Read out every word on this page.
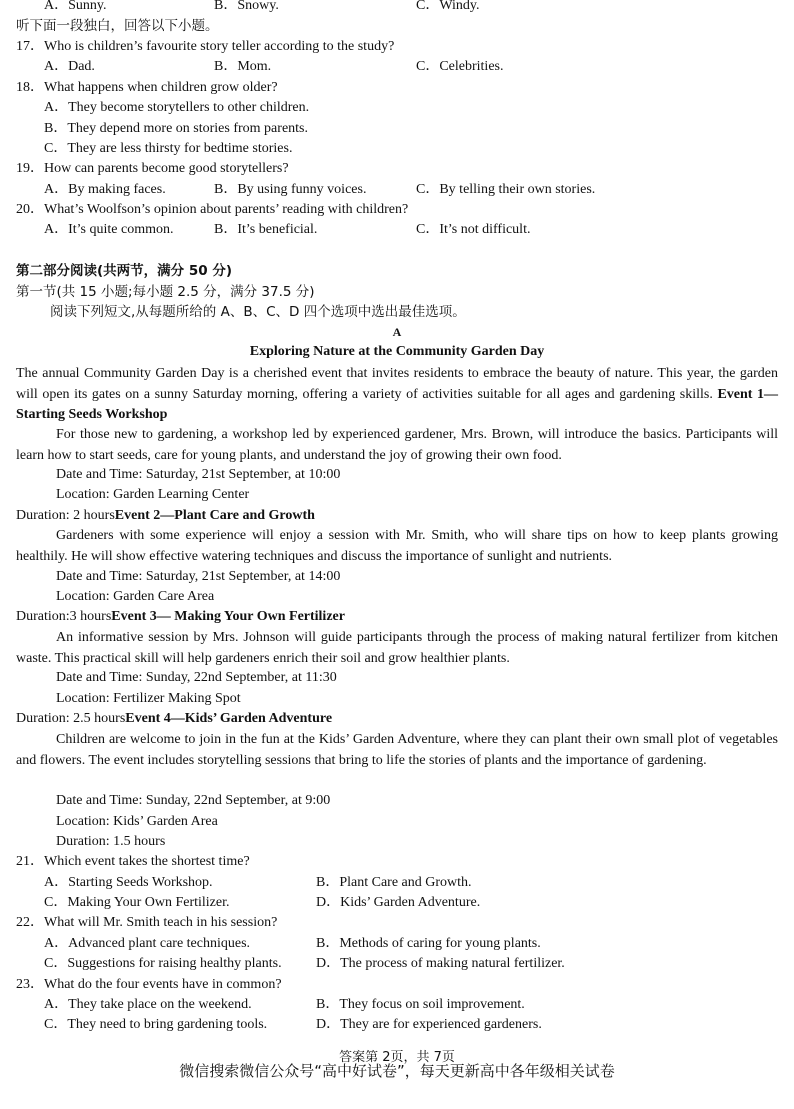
A．Sunny.	B．Snowy.	C．Windy.
听下面一段独白，回答以下小题。
17．Who is children’s favourite story teller according to the study?
A．Dad.	B．Mom.	C．Celebrities.
18．What happens when children grow older?
A．They become storytellers to other children.
B．They depend more on stories from parents.
C．They are less thirsty for bedtime stories.
19．How can parents become good storytellers?
A．By making faces.	B．By using funny voices.	C．By telling their own stories.
20．What’s Woolfson’s opinion about parents’ reading with children?
A．It’s quite common.	B．It’s beneficial.	C．It’s not difficult.
第二部分阅读(共两节，满分 50 分)
第一节(共 15 小题;每小题 2.5 分，满分 37.5 分)
阅读下列短文,从每题所给的 A、B、C、D 四个选项中选出最佳选项。
A
Exploring Nature at the Community Garden Day
The annual Community Garden Day is a cherished event that invites residents to embrace the beauty of nature. This year, the garden will open its gates on a sunny Saturday morning, offering a variety of activities suitable for all ages and gardening skills. Event 1—Starting Seeds Workshop
For those new to gardening, a workshop led by experienced gardener, Mrs. Brown, will introduce the basics. Participants will learn how to start seeds, care for young plants, and understand the joy of growing their own food.
Date and Time: Saturday, 21st September, at 10:00
Location: Garden Learning Center
Duration: 2 hoursEvent 2—Plant Care and Growth
Gardeners with some experience will enjoy a session with Mr. Smith, who will share tips on how to keep plants growing healthily. He will show effective watering techniques and discuss the importance of sunlight and nutrients.
Date and Time: Saturday, 21st September, at 14:00
Location: Garden Care Area
Duration:3 hoursEvent 3— Making Your Own Fertilizer
An informative session by Mrs. Johnson will guide participants through the process of making natural fertilizer from kitchen waste. This practical skill will help gardeners enrich their soil and grow healthier plants.
Date and Time: Sunday, 22nd September, at 11:30
Location: Fertilizer Making Spot
Duration: 2.5 hoursEvent 4—Kids’ Garden Adventure
Children are welcome to join in the fun at the Kids’ Garden Adventure, where they can plant their own small plot of vegetables and flowers. The event includes storytelling sessions that bring to life the stories of plants and the importance of gardening.
Date and Time: Sunday, 22nd September, at 9:00
Location: Kids’ Garden Area
Duration: 1.5 hours
21．Which event takes the shortest time?
A．Starting Seeds Workshop.	B．Plant Care and Growth.
C．Making Your Own Fertilizer.	D．Kids’ Garden Adventure.
22．What will Mr. Smith teach in his session?
A．Advanced plant care techniques.	B．Methods of caring for young plants.
C．Suggestions for raising healthy plants. D．The process of making natural fertilizer.
23．What do the four events have in common?
A．They take place on the weekend.	B．They focus on soil improvement.
C．They need to bring gardening tools.	D．They are for experienced gardeners.
答案第 2页，共 7页
微信搜索微信公众号“高中好试卷”，每天更新高中各年级相关试卷
